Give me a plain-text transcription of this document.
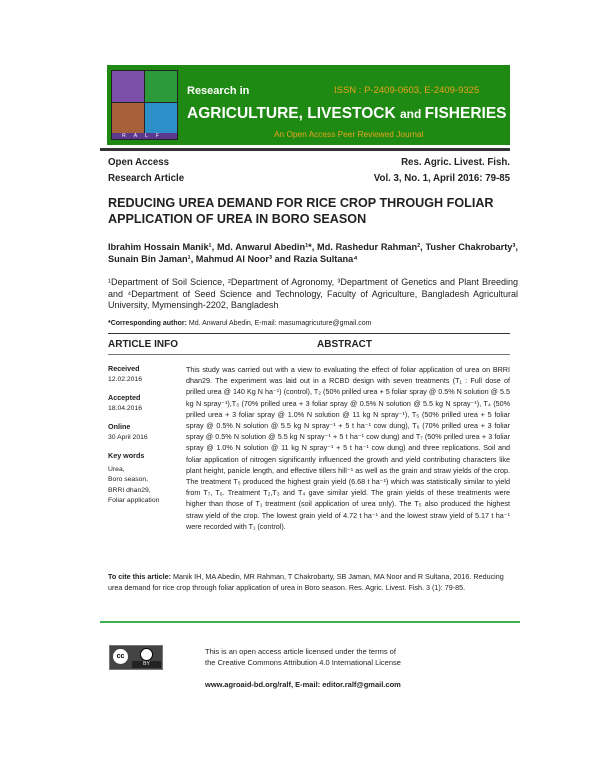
RALF
Research in	ISSN : P-2409-0603, E-2409-9325
AGRICULTURE, LIVESTOCK and FISHERIES
An Open Access Peer Reviewed Journal
Open Access
Research Article
Res. Agric. Livest. Fish.
Vol. 3, No. 1, April 2016: 79-85
REDUCING UREA DEMAND FOR RICE CROP THROUGH FOLIAR APPLICATION OF UREA IN BORO SEASON
Ibrahim Hossain Manik¹, Md. Anwarul Abedin¹*, Md. Rashedur Rahman², Tusher Chakrobarty³, Sunain Bin Jaman¹, Mahmud Al Noor³ and Razia Sultana⁴
¹Department of Soil Science, ²Department of Agronomy, ³Department of Genetics and Plant Breeding and ⁴Department of Seed Science and Technology, Faculty of Agriculture, Bangladesh Agricultural University, Mymensingh-2202, Bangladesh
*Corresponding author: Md. Anwarul Abedin, E-mail: masumagricuture@gmail.com
ARTICLE INFO	ABSTRACT
Received
12.02.2016
Accepted
18.04.2016
Online
30 April 2016
Key words
Urea,
Boro season,
BRRI dhan29,
Foliar application
This study was carried out with a view to evaluating the effect of foliar application of urea on BRRI dhan29. The experiment was laid out in a RCBD design with seven treatments (T₁ : Full dose of prilled urea @ 140 Kg N ha⁻¹) (control), T₂ (50% prilled urea + 5 foliar spray @ 0.5% N solution @ 5.5 kg N spray⁻¹),T₃ (70% prilled urea + 3 foliar spray @ 0.5% N solution @ 5.5 kg N spray⁻¹), T₄ (50% prilled urea + 3 foliar spray @ 1.0% N solution @ 11 kg N spray⁻¹), T₅ (50% prilled urea + 5 foliar spray @ 0.5% N solution @ 5.5 kg N spray⁻¹ + 5 t ha⁻¹ cow dung), T₆ (70% prilled urea + 3 foliar spray @ 0.5% N solution @ 5.5 kg N spray⁻¹ + 5 t ha⁻¹ cow dung) and T₇ (50% prilled urea + 3 foliar spray @ 1.0% N solution @ 11 kg N spray⁻¹ + 5 t ha⁻¹ cow dung) and three replications. Soil and foliar application of nitrogen significantly influenced the growth and yield contributing characters like plant height, panicle length, and effective tillers hill⁻¹ as well as the grain and straw yields of the crop. The treatment T₅ produced the highest grain yield (6.68 t ha⁻¹) which was statistically similar to yield from T₇, T₆. Treatment T₂,T₃ and T₄ gave similar yield. The grain yields of these treatments were higher than those of T₁ treatment (soil application of urea only). The T₅ also produced the highest straw yield of the crop. The lowest grain yield of 4.72 t ha⁻¹ and the lowest straw yield of 5.17 t ha⁻¹ were recorded with T₁ (control).
To cite this article: Manik IH, MA Abedin, MR Rahman, T Chakrobarty, SB Jaman, MA Noor and R Sultana, 2016. Reducing urea demand for rice crop through foliar application of urea in Boro season. Res. Agric. Livest. Fish. 3 (1): 79-85.
cc
BY
This is an open access article licensed under the terms of
the Creative Commons Attribution 4.0 International License
www.agroaid-bd.org/ralf, E-mail: editor.ralf@gmail.com
